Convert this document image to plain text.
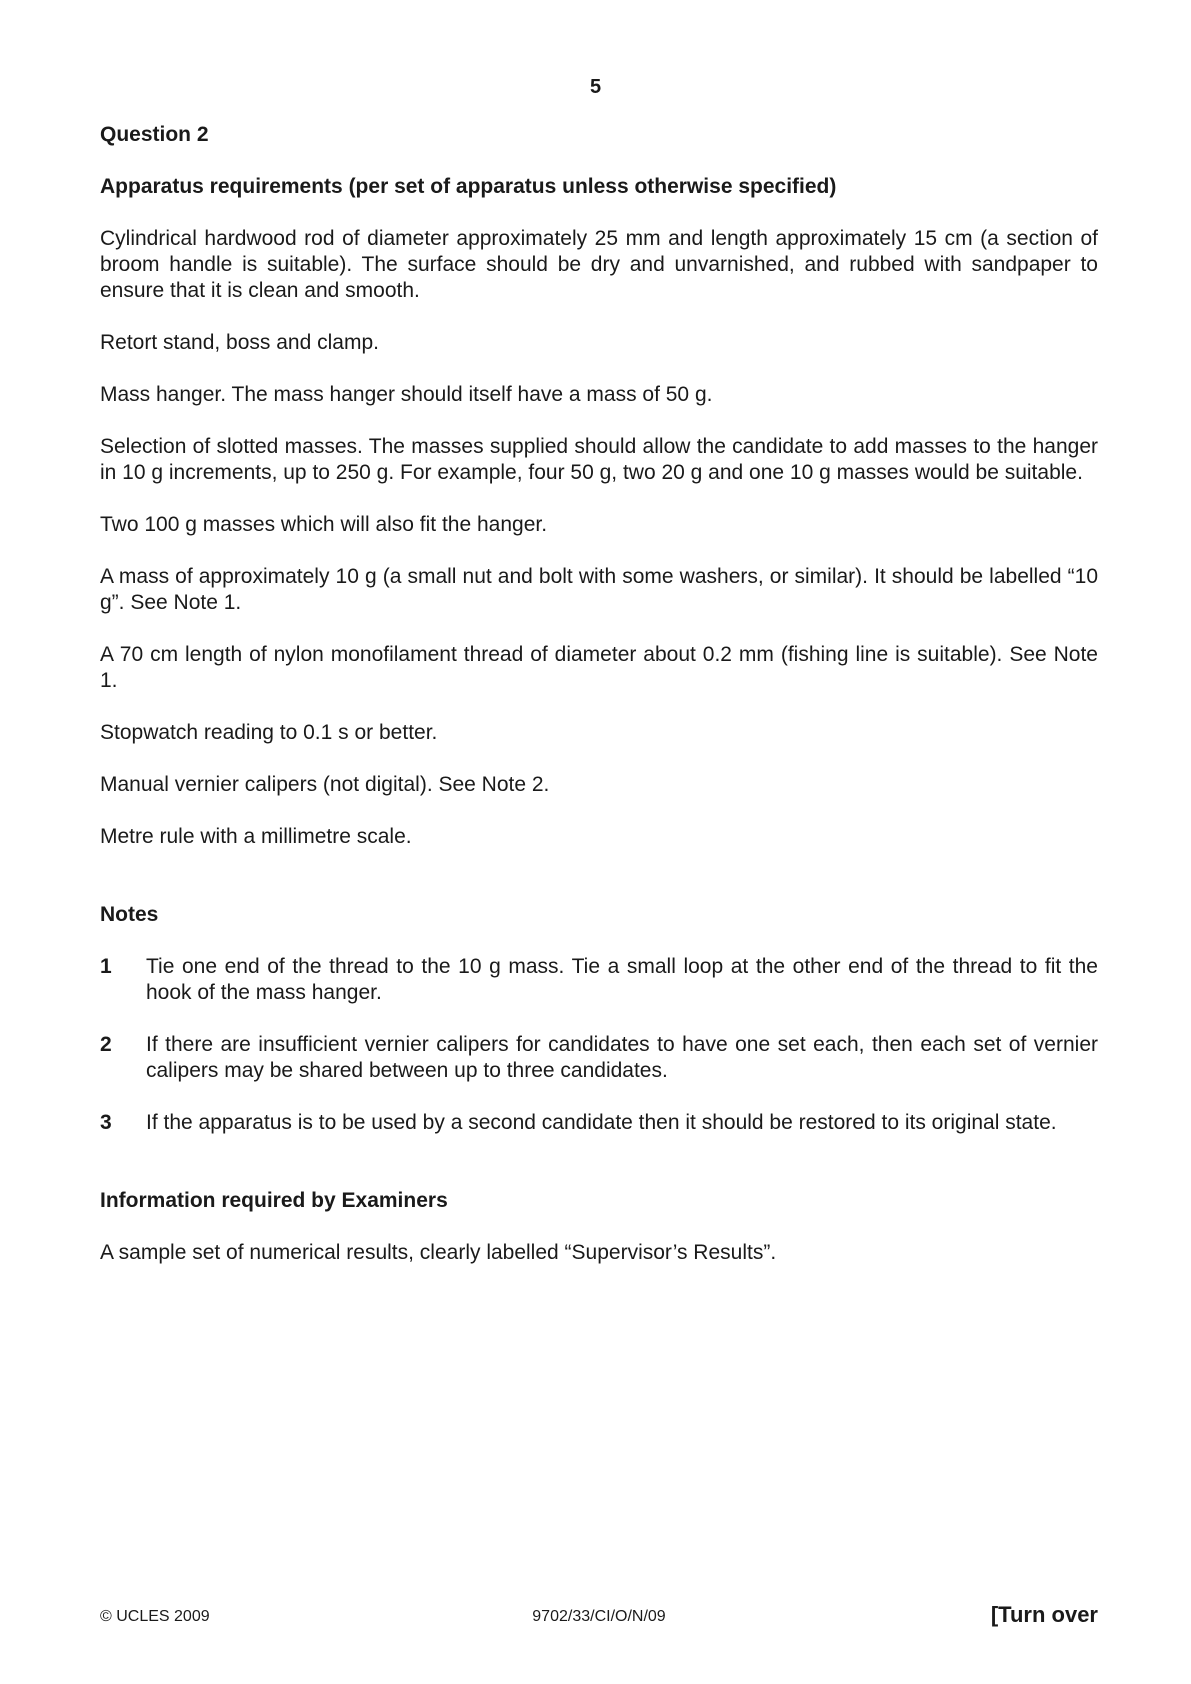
5

Question 2

Apparatus requirements (per set of apparatus unless otherwise specified)

Cylindrical hardwood rod of diameter approximately 25 mm and length approximately 15 cm (a section of broom handle is suitable). The surface should be dry and unvarnished, and rubbed with sandpaper to ensure that it is clean and smooth.

Retort stand, boss and clamp.

Mass hanger. The mass hanger should itself have a mass of 50 g.

Selection of slotted masses. The masses supplied should allow the candidate to add masses to the hanger in 10 g increments, up to 250 g. For example, four 50 g, two 20 g and one 10 g masses would be suitable.

Two 100 g masses which will also fit the hanger.

A mass of approximately 10 g (a small nut and bolt with some washers, or similar). It should be labelled “10 g”. See Note 1.

A 70 cm length of nylon monofilament thread of diameter about 0.2 mm (fishing line is suitable). See Note 1.

Stopwatch reading to 0.1 s or better.

Manual vernier calipers (not digital). See Note 2.

Metre rule with a millimetre scale.

Notes

1	Tie one end of the thread to the 10 g mass. Tie a small loop at the other end of the thread to fit the hook of the mass hanger.
2	If there are insufficient vernier calipers for candidates to have one set each, then each set of vernier calipers may be shared between up to three candidates.
3	If the apparatus is to be used by a second candidate then it should be restored to its original state.

Information required by Examiners

A sample set of numerical results, clearly labelled “Supervisor’s Results”.

© UCLES 2009	9702/33/CI/O/N/09	[Turn over
